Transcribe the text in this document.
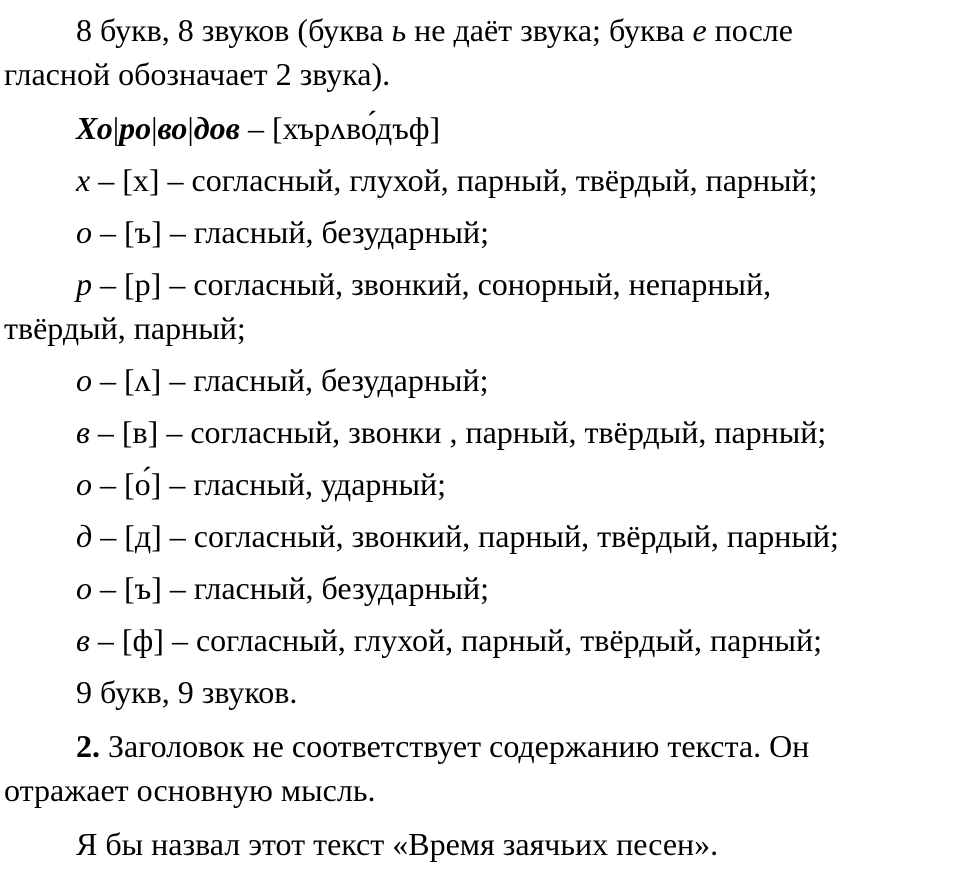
8 букв, 8 звуков (буква ь не даёт звука; буква е после

гласной обозначает 2 звука).

Хо|ро|во|дов – [хърʌво́дъф]

х – [х] – согласный, глухой, парный, твёрдый, парный;

о – [ъ] – гласный, безударный;

р – [р] – согласный, звонкий, сонорный, непарный,

твёрдый, парный;

о – [ʌ] – гласный, безударный;

в – [в] – согласный, звонки , парный, твёрдый, парный;

о – [о́] – гласный, ударный;

д – [д] – согласный, звонкий, парный, твёрдый, парный;

о – [ъ] – гласный, безударный;

в – [ф] – согласный, глухой, парный, твёрдый, парный;

9 букв, 9 звуков.

2. Заголовок не соответствует содержанию текста. Он

отражает основную мысль.

Я бы назвал этот текст «Время заячьих песен».
